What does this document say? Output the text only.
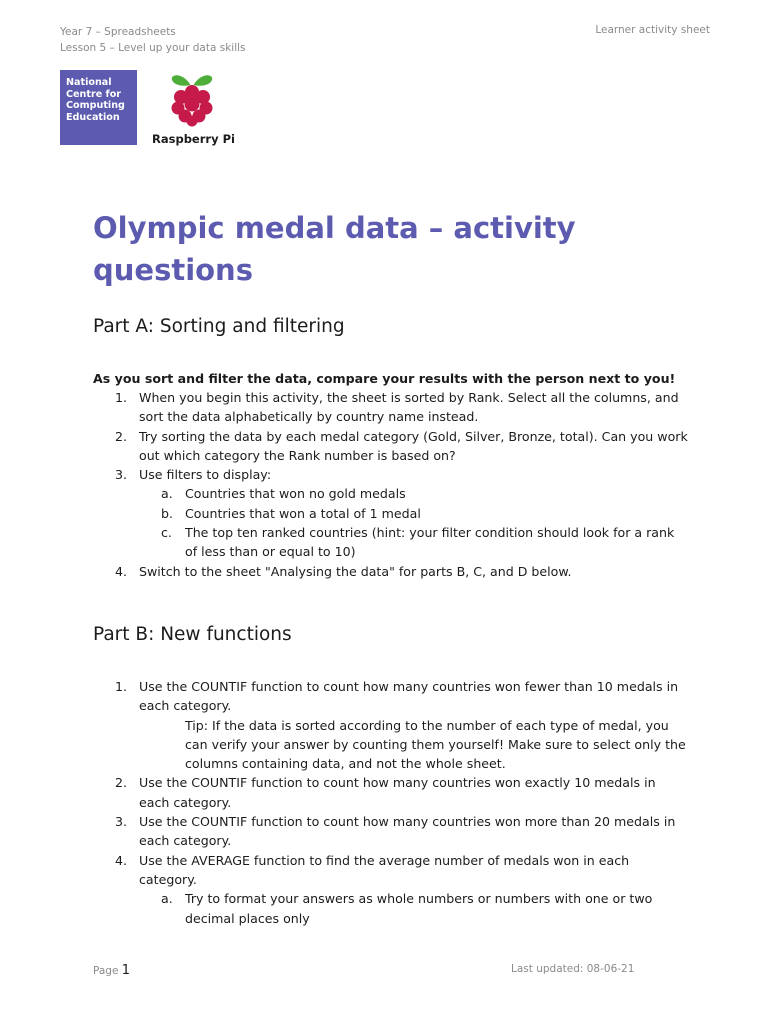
Year 7 – Spreadsheets
Lesson 5 – Level up your data skills
Learner activity sheet
National
Centre for
Computing
Education
Raspberry Pi
Olympic medal data – activity questions
Part A: Sorting and filtering

As you sort and filter the data, compare your results with the person next to you!

1. When you begin this activity, the sheet is sorted by Rank. Select all the columns, and sort the data alphabetically by country name instead.
2. Try sorting the data by each medal category (Gold, Silver, Bronze, total). Can you work out which category the Rank number is based on?
3. Use filters to display:
a. Countries that won no gold medals
b. Countries that won a total of 1 medal
c. The top ten ranked countries (hint: your filter condition should look for a rank of less than or equal to 10)
4. Switch to the sheet "Analysing the data" for parts B, C, and D below.
Part B: New functions
1. Use the COUNTIF function to count how many countries won fewer than 10 medals in each category.
Tip: If the data is sorted according to the number of each type of medal, you can verify your answer by counting them yourself! Make sure to select only the columns containing data, and not the whole sheet.
2. Use the COUNTIF function to count how many countries won exactly 10 medals in each category.
3. Use the COUNTIF function to count how many countries won more than 20 medals in each category.
4. Use the AVERAGE function to find the average number of medals won in each category.
a. Try to format your answers as whole numbers or numbers with one or two decimal places only
Page 1	Last updated: 08-06-21
